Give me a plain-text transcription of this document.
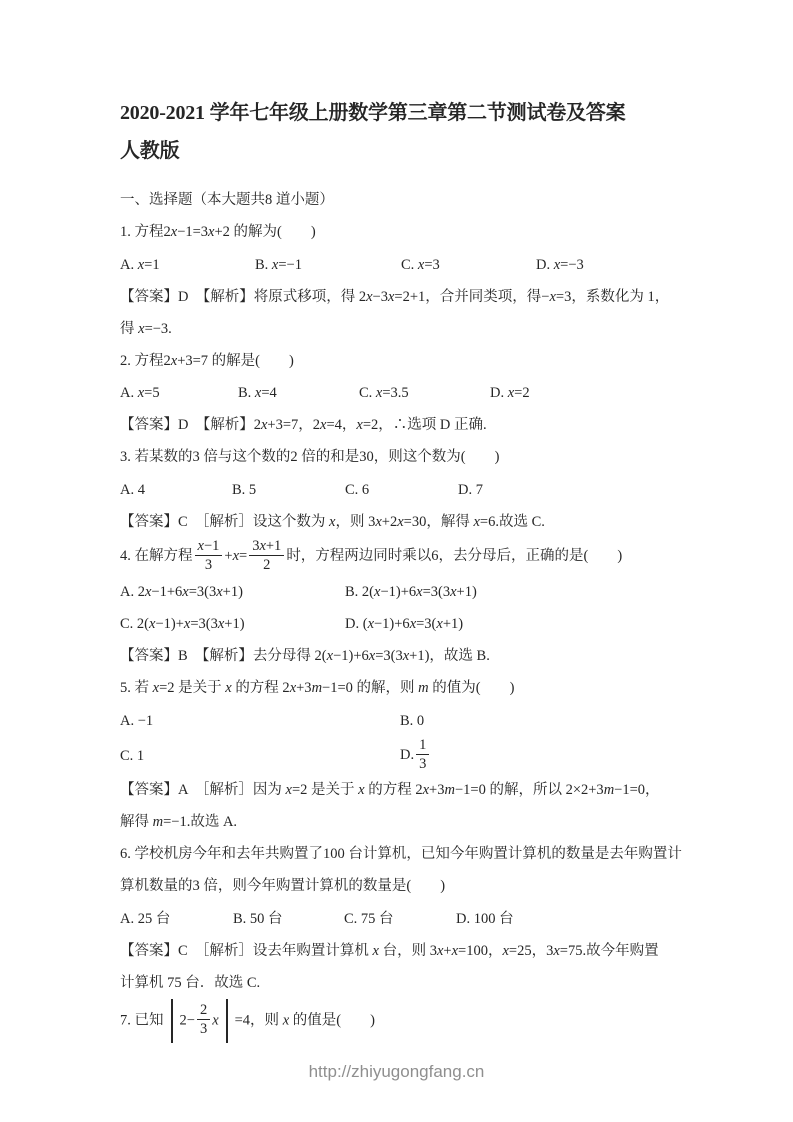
2020-2021 学年七年级上册数学第三章第二节测试卷及答案
人教版
一、选择题（本大题共8 道小题）
1. 方程2x−1=3x+2 的解为(　　)
A. x=1	B. x=−1	C. x=3	D. x=−3
【答案】D　【解析】将原式移项，得 2x−3x=2+1，合并同类项，得−x=3，系数化为 1，
得 x=−3.
2. 方程2x+3=7 的解是(　　)
A. x=5	B. x=4	C. x=3.5	D. x=2
【答案】D　【解析】2x+3=7，2x=4，x=2，∴选项 D 正确.
3. 若某数的3 倍与这个数的2 倍的和是30，则这个数为(　　)
A. 4	B. 5	C. 6	D. 7
【答案】C　［解析］设这个数为 x，则 3x+2x=30，解得 x=6.故选 C.
4. 在解方程 $\frac{x-1}{3} +x= \frac{3x+1}{2}$ 时，方程两边同时乘以6，去分母后，正确的是(　　)
A. 2x−1+6x=3(3x+1)	B. 2(x−1)+6x=3(3x+1)
C. 2(x−1)+x=3(3x+1)	D. (x−1)+6x=3(x+1)
【答案】B　【解析】去分母得 2(x−1)+6x=3(3x+1)，故选 B.
5. 若 x=2 是关于 x 的方程 2x+3m−1=0 的解，则 m 的值为(　　)
A. −1	B. 0
C. 1	D. $\frac{1}{3}$
【答案】A　［解析］因为 x=2 是关于 x 的方程 2x+3m−1=0 的解，所以 2×2+3m−1=0，
解得 m=−1.故选 A.
6. 学校机房今年和去年共购置了100 台计算机，已知今年购置计算机的数量是去年购置计
算机数量的3 倍，则今年购置计算机的数量是(　　)
A. 25 台	B. 50 台	C. 75 台	D. 100 台
【答案】C　［解析］设去年购置计算机 x 台，则 3x+x=100，x=25，3x=75.故今年购置
计算机 75 台．故选 C.
7. 已知 $2- \frac{2}{3}$ x =4，则 x 的值是(　　)
http://zhiyugongfang.cn
